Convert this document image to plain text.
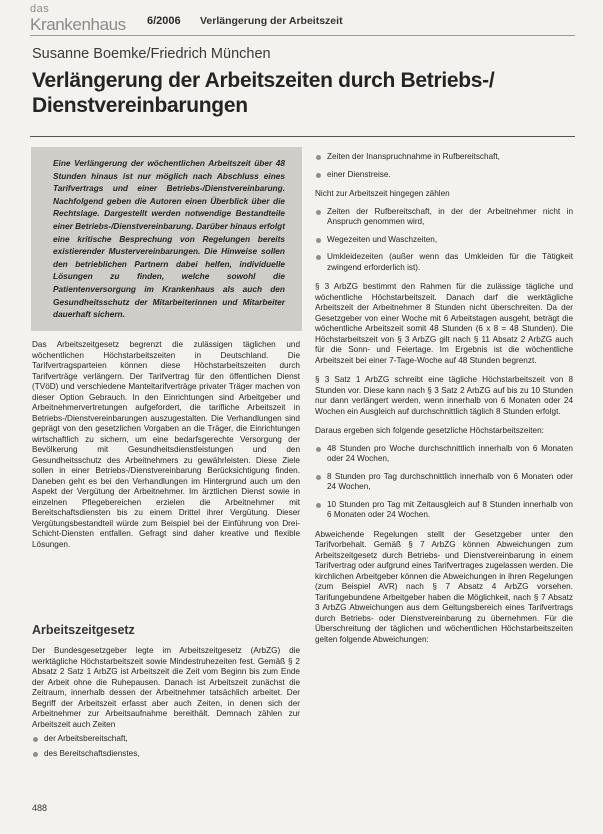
das
Krankenhaus 6/2006 Verlängerung der Arbeitszeit
Susanne Boemke/Friedrich München
Verlängerung der Arbeitszeiten durch Betriebs-/ Dienstvereinbarungen

Eine Verlängerung der wöchentlichen Arbeitszeit über 48 Stunden hinaus ist nur möglich nach Abschluss eines Tarifvertrags und einer Betriebs-/Dienstvereinbarung. Nachfolgend geben die Autoren einen Überblick über die Rechtslage. Dargestellt werden notwendige Bestandteile einer Betriebs-/Dienstvereinbarung. Darüber hinaus erfolgt eine kritische Besprechung von Regelungen bereits existierender Mustervereinbarungen. Die Hinweise sollen den betrieblichen Partnern dabei helfen, individuelle Lösungen zu finden, welche sowohl die Patientenversorgung im Krankenhaus als auch den Gesundheitsschutz der Mitarbeiterinnen und Mitarbeiter dauerhaft sichern.

Das Arbeitszeitgesetz begrenzt die zulässigen täglichen und wöchentlichen Höchstarbeitszeiten in Deutschland. Die Tarifvertragsparteien können diese Höchstarbeitszeiten durch Tarifverträge verlängern. Der Tarifvertrag für den öffentlichen Dienst (TVöD) und verschiedene Manteltarifverträge privater Träger machen von dieser Option Gebrauch. In den Einrichtungen sind Arbeitgeber und Arbeitnehmervertretungen aufgefordert, die tarifliche Arbeitszeit in Betriebs-/Dienstvereinbarungen auszugestalten. Die Verhandlungen sind geprägt von den gesetzlichen Vorgaben an die Träger, die Einrichtungen wirtschaftlich zu sichern, um eine bedarfsgerechte Versorgung der Bevölkerung mit Gesundheitsdienstleistungen und den Gesundheitsschutz des Arbeitnehmers zu gewährleisten. Diese Ziele sollen in einer Betriebs-/Dienstvereinbarung Berücksichtigung finden. Daneben geht es bei den Verhandlungen im Hintergrund auch um den Aspekt der Vergütung der Arbeitnehmer. Im ärztlichen Dienst sowie in einzelnen Pflegebereichen erzielen die Arbeitnehmer mit Bereitschaftsdiensten bis zu einem Drittel ihrer Vergütung. Dieser Vergütungsbestandteil würde zum Beispiel bei der Einführung von Drei-Schicht-Diensten entfallen. Gefragt sind daher kreative und flexible Lösungen.

Arbeitszeitgesetz

Der Bundesgesetzgeber legte im Arbeitszeitgesetz (ArbZG) die werktägliche Höchstarbeitszeit sowie Mindestruhezeiten fest. Gemäß § 2 Absatz 2 Satz 1 ArbZG ist Arbeitszeit die Zeit vom Beginn bis zum Ende der Arbeit ohne die Ruhepausen. Danach ist Arbeitszeit zunächst die Zeitraum, innerhalb dessen der Arbeitnehmer tatsächlich arbeitet. Der Begriff der Arbeitszeit erfasst aber auch Zeiten, in denen sich der Arbeitnehmer zur Arbeitsaufnahme bereithält. Demnach zählen zur Arbeitszeit auch Zeiten

der Arbeitsbereitschaft,
des Bereitschaftsdienstes,
Zeiten der Inanspruchnahme in Rufbereitschaft,
einer Dienstreise.

Nicht zur Arbeitszeit hingegen zählen

Zeiten der Rufbereitschaft, in der der Arbeitnehmer nicht in Anspruch genommen wird,
Wegezeiten und Waschzeiten,
Umkleidezeiten (außer wenn das Umkleiden für die Tätigkeit zwingend erforderlich ist).

§ 3 ArbZG bestimmt den Rahmen für die zulässige tägliche und wöchentliche Höchstarbeitszeit. Danach darf die werktägliche Arbeitszeit der Arbeitnehmer 8 Stunden nicht überschreiten. Da der Gesetzgeber von einer Woche mit 6 Arbeitstagen ausgeht, beträgt die wöchentliche Arbeitszeit somit 48 Stunden (6 x 8 = 48 Stunden). Die Höchstarbeitszeit von § 3 ArbZG gilt nach § 11 Absatz 2 ArbZG auch für die Sonn- und Feiertage. Im Ergebnis ist die wöchentliche Arbeitszeit bei einer 7-Tage-Woche auf 48 Stunden begrenzt.

§ 3 Satz 1 ArbZG schreibt eine tägliche Höchstarbeitszeit von 8 Stunden vor. Diese kann nach § 3 Satz 2 ArbZG auf bis zu 10 Stunden nur dann verlängert werden, wenn innerhalb von 6 Monaten oder 24 Wochen ein Ausgleich auf durchschnittlich täglich 8 Stunden erfolgt.

Daraus ergeben sich folgende gesetzliche Höchstarbeitszeiten:

48 Stunden pro Woche durchschnittlich innerhalb von 6 Monaten oder 24 Wochen,
8 Stunden pro Tag durchschnittlich innerhalb von 6 Monaten oder 24 Wochen,
10 Stunden pro Tag mit Zeitausgleich auf 8 Stunden innerhalb von 6 Monaten oder 24 Wochen.

Abweichende Regelungen stellt der Gesetzgeber unter den Tarifvorbehalt. Gemäß § 7 ArbZG können Abweichungen zum Arbeitszeitgesetz durch Betriebs- und Dienstvereinbarung in einem Tarifvertrag oder aufgrund eines Tarifvertrages zugelassen werden. Die kirchlichen Arbeitgeber können die Abweichungen in ihren Regelungen (zum Beispiel AVR) nach § 7 Absatz 4 ArbZG vorsehen. Tarifungebundene Arbeitgeber haben die Möglichkeit, nach § 7 Absatz 3 ArbZG Abweichungen aus dem Geltungsbereich eines Tarifvertrags durch Betriebs- oder Dienstvereinbarung zu übernehmen. Für die Überschreitung der täglichen und wöchentlichen Höchstarbeitszeiten gelten folgende Abweichungen:

488
